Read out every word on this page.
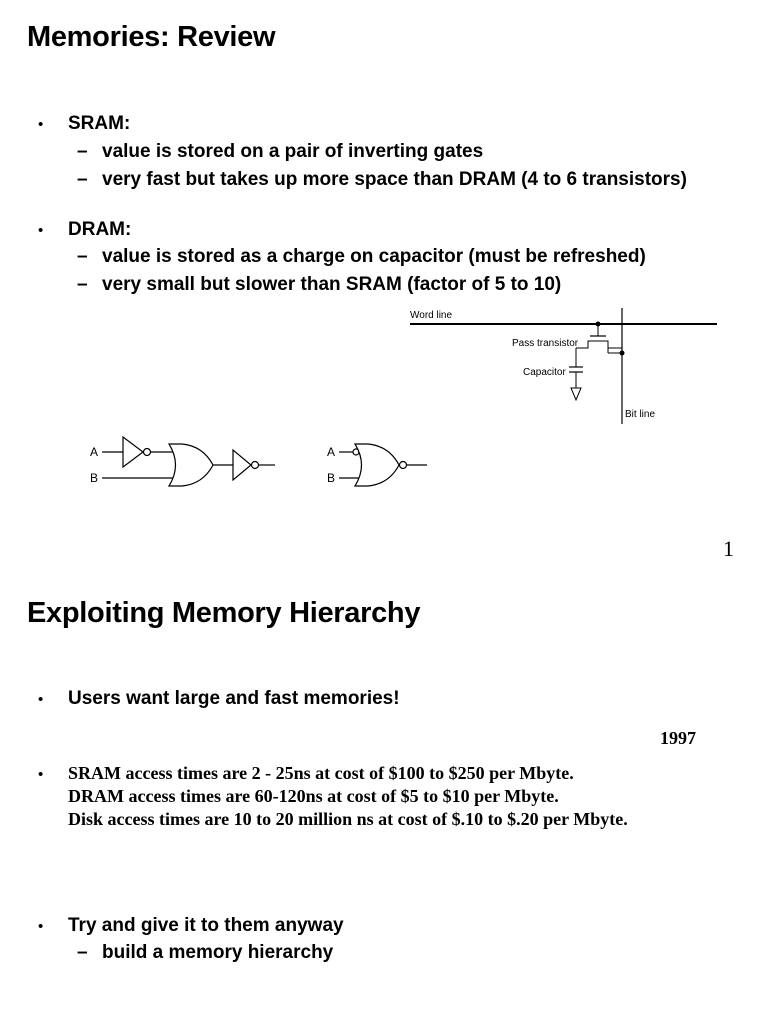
Memories: Review
• SRAM:
– value is stored on a pair of inverting gates
– very fast but takes up more space than DRAM (4 to 6 transistors)
• DRAM:
– value is stored as a charge on capacitor (must be refreshed)
– very small but slower than SRAM (factor of 5 to 10)
Word line
Bit line
Pass transistor
Capacitor
A
B
A
B
1
Exploiting Memory Hierarchy
• Users want large and fast memories!
1997
• SRAM access times are 2 - 25ns at cost of $100 to $250 per Mbyte.
DRAM access times are 60-120ns at cost of $5 to $10 per Mbyte.
Disk access times are 10 to 20 million ns at cost of $.10 to $.20 per Mbyte.
• Try and give it to them anyway
– build a memory hierarchy
